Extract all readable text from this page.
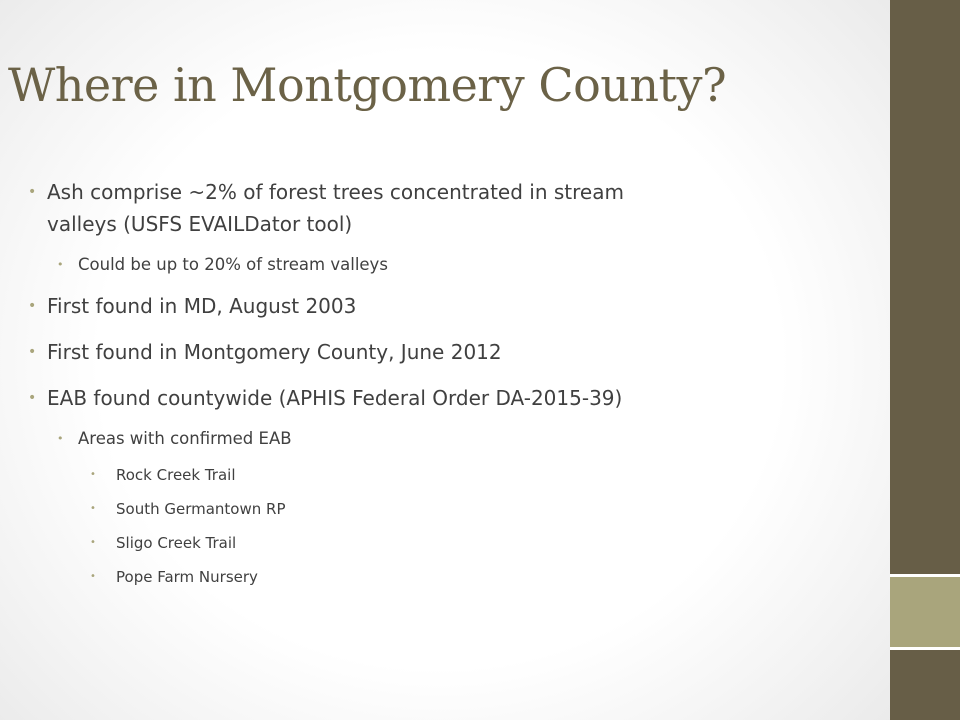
Where in Montgomery County?
• Ash comprise ~2% of forest trees concentrated in stream
valleys (USFS EVAILDator tool)
• Could be up to 20% of stream valleys
• First found in MD, August 2003
• First found in Montgomery County, June 2012
• EAB found countywide (APHIS Federal Order DA-2015-39)
• Areas with confirmed EAB
• Rock Creek Trail
• South Germantown RP
• Sligo Creek Trail
• Pope Farm Nursery
